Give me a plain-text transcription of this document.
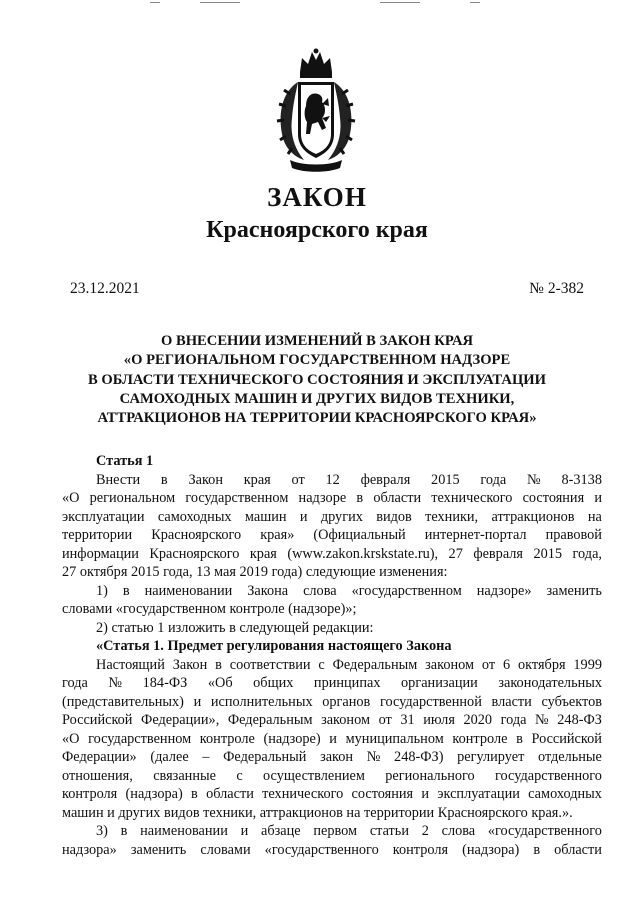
ЗАКОН
Красноярского края
23.12.2021	№ 2-382
О ВНЕСЕНИИ ИЗМЕНЕНИЙ В ЗАКОН КРАЯ
«О РЕГИОНАЛЬНОМ ГОСУДАРСТВЕННОМ НАДЗОРЕ
В ОБЛАСТИ ТЕХНИЧЕСКОГО СОСТОЯНИЯ И ЭКСПЛУАТАЦИИ
САМОХОДНЫХ МАШИН И ДРУГИХ ВИДОВ ТЕХНИКИ,
АТТРАКЦИОНОВ НА ТЕРРИТОРИИ КРАСНОЯРСКОГО КРАЯ»
Статья 1
Внести в Закон края от 12 февраля 2015 года № 8-3138
«О региональном государственном надзоре в области технического состояния и
эксплуатации самоходных машин и других видов техники, аттракционов на
территории Красноярского края» (Официальный интернет-портал правовой
информации Красноярского края (www.zakon.krskstate.ru), 27 февраля 2015 года,
27 октября 2015 года, 13 мая 2019 года) следующие изменения:
1) в наименовании Закона слова «государственном надзоре» заменить
словами «государственном контроле (надзоре)»;
2) статью 1 изложить в следующей редакции:
«Статья 1. Предмет регулирования настоящего Закона
Настоящий Закон в соответствии с Федеральным законом от 6 октября 1999
года № 184-ФЗ «Об общих принципах организации законодательных
(представительных) и исполнительных органов государственной власти субъектов
Российской Федерации», Федеральным законом от 31 июля 2020 года № 248-ФЗ
«О государственном контроле (надзоре) и муниципальном контроле в Российской
Федерации» (далее – Федеральный закон № 248-ФЗ) регулирует отдельные
отношения, связанные с осуществлением регионального государственного
контроля (надзора) в области технического состояния и эксплуатации самоходных
машин и других видов техники, аттракционов на территории Красноярского края.».
3) в наименовании и абзаце первом статьи 2 слова «государственного
надзора» заменить словами «государственного контроля (надзора) в области
